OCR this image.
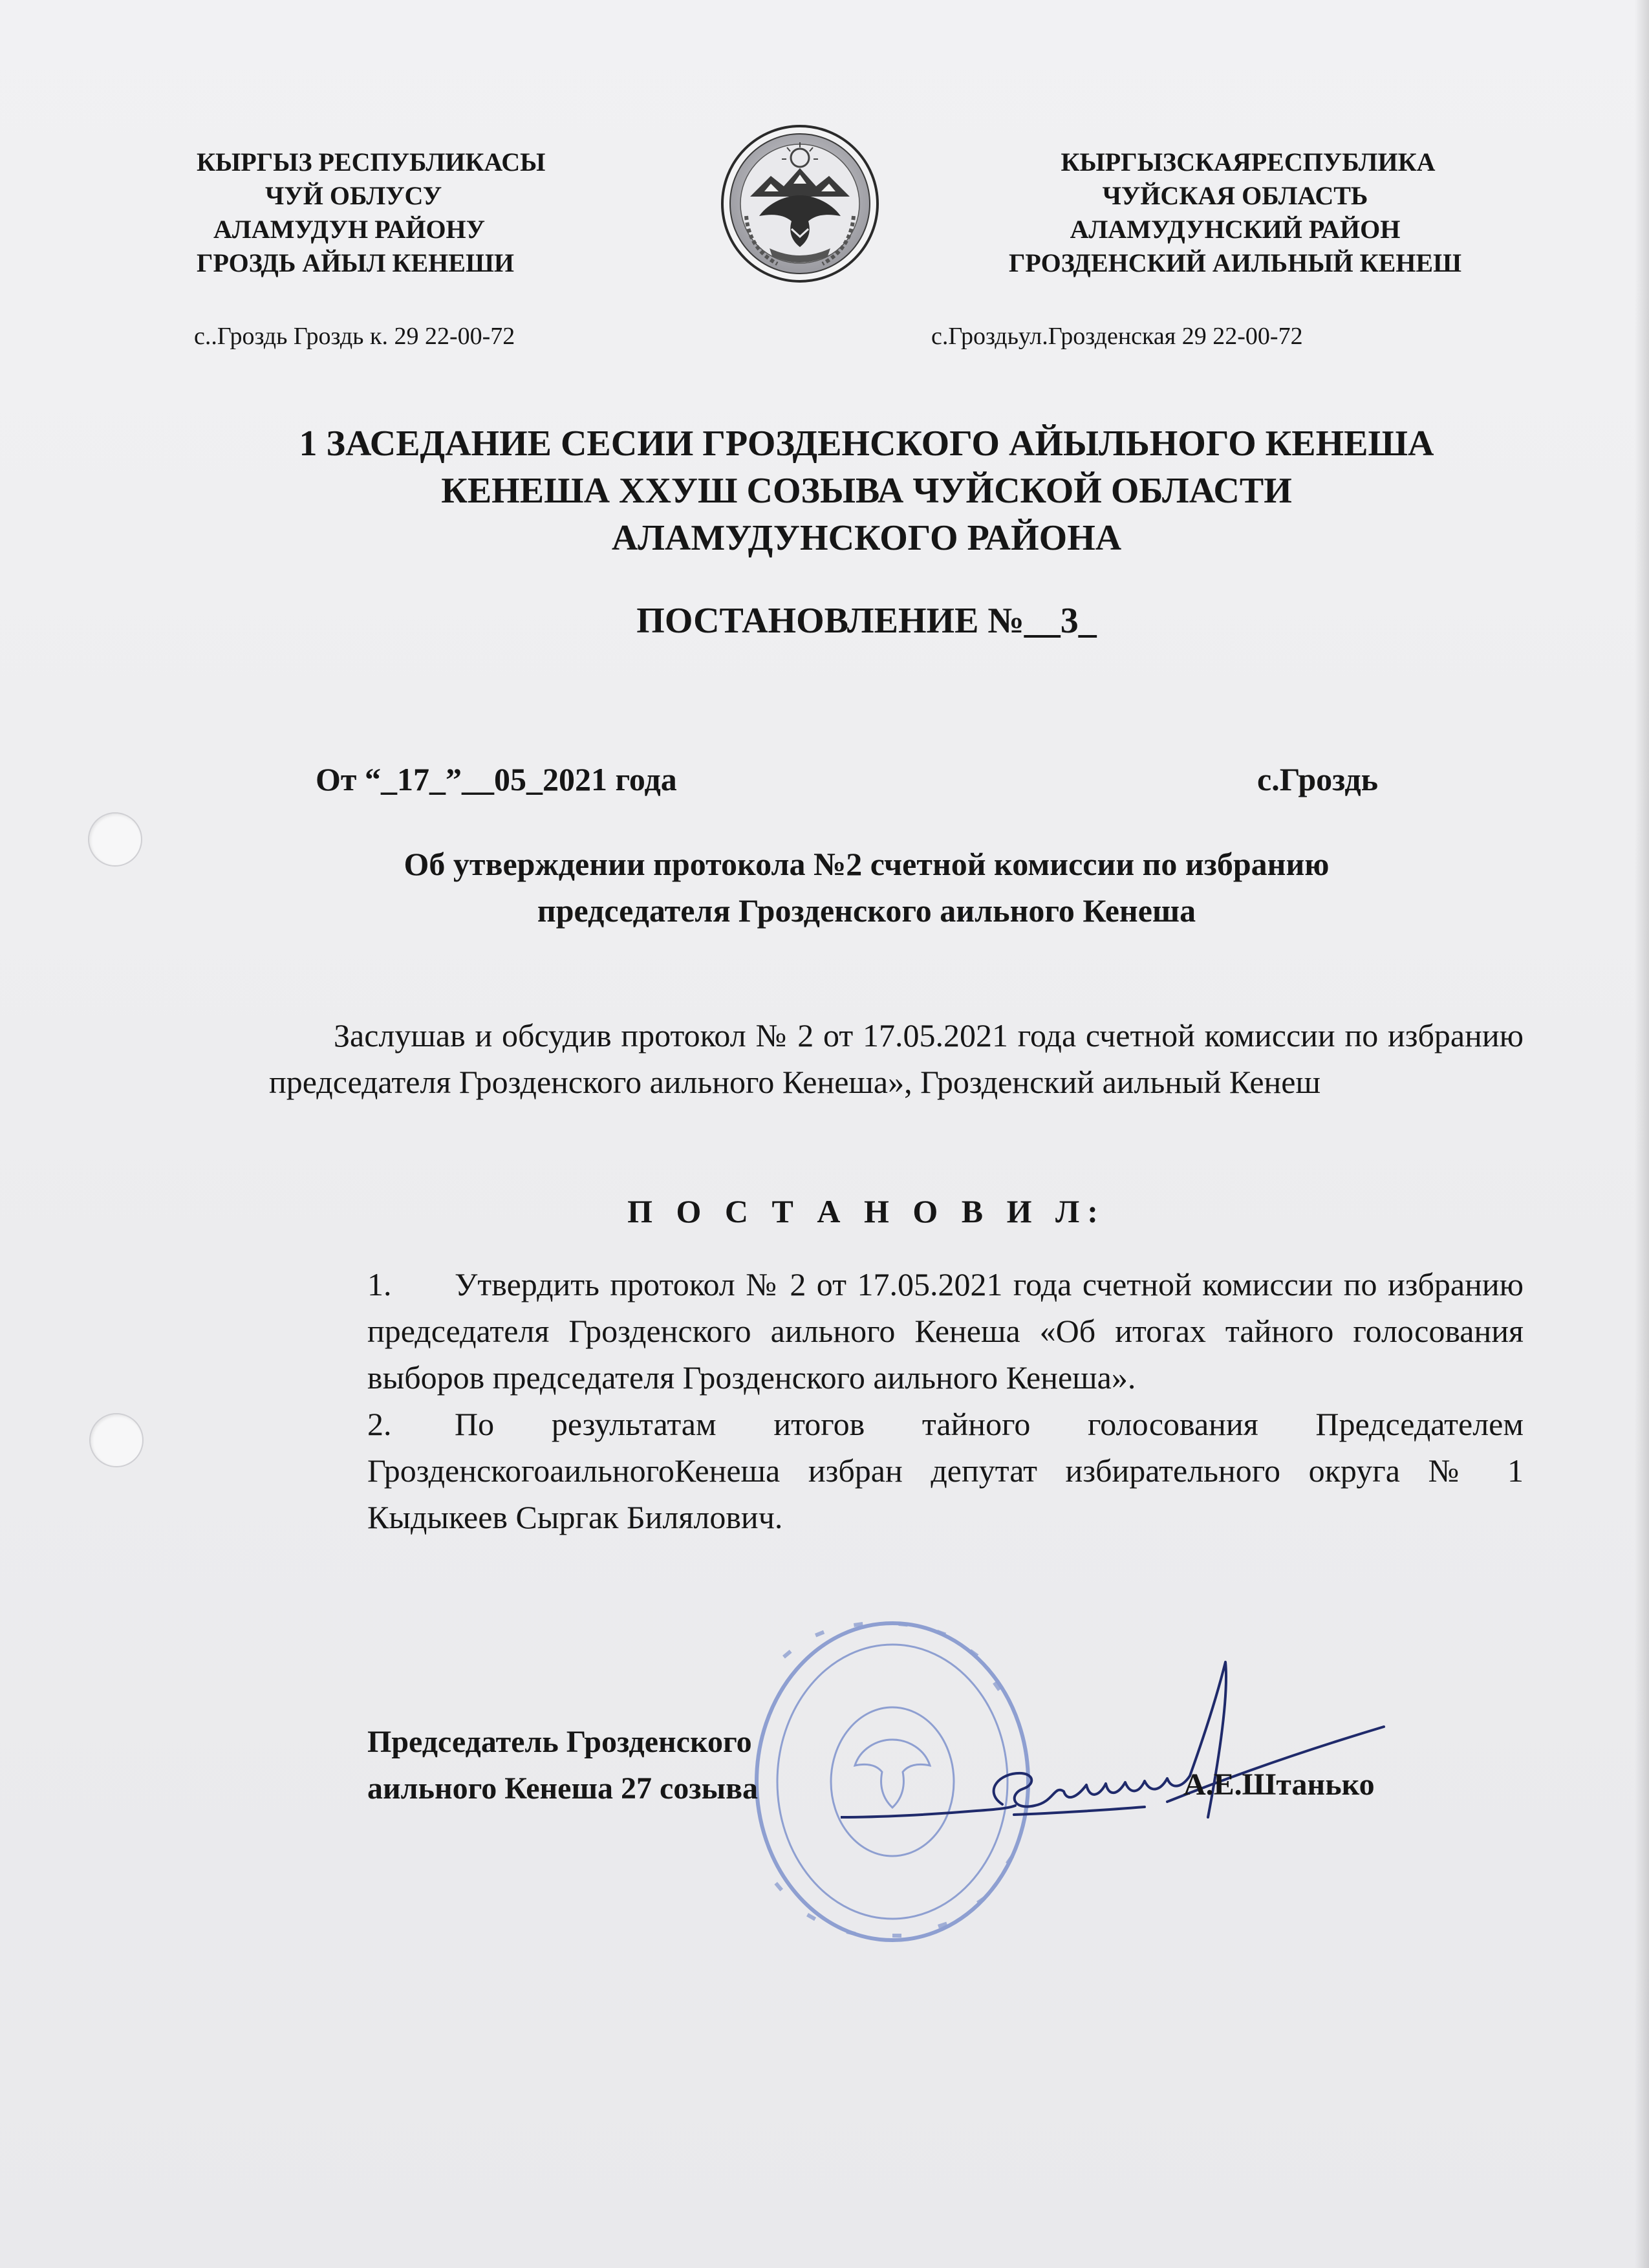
КЫРГЫЗ РЕСПУБЛИКАСЫ
ЧУЙ ОБЛУСУ
АЛАМУДУН РАЙОНУ
ГРОЗДЬ АЙЫЛ КЕНЕШИ
КЫРГЫЗСКАЯРЕСПУБЛИКА
ЧУЙСКАЯ ОБЛАСТЬ
АЛАМУДУНСКИЙ РАЙОН
ГРОЗДЕНСКИЙ АИЛЬНЫЙ КЕНЕШ
с..Гроздь Гроздь к. 29 22-00-72	с.Гроздьул.Грозденская 29 22-00-72
1 ЗАСЕДАНИЕ СЕСИИ ГРОЗДЕНСКОГО АЙЫЛЬНОГО КЕНЕША
КЕНЕША ХХУШ СОЗЫВА ЧУЙСКОЙ ОБЛАСТИ
АЛАМУДУНСКОГО РАЙОНА
ПОСТАНОВЛЕНИЕ №__3_
От “_17_”__05_2021 года	с.Гроздь
Об утверждении протокола №2 счетной комиссии по избранию
председателя Грозденского аильного Кенеша
Заслушав и обсудив протокол № 2 от 17.05.2021 года счетной комиссии по избранию председателя Грозденского аильного Кенеша», Грозденский аильный Кенеш
П О С Т А Н О В И Л:

1. Утвердить протокол № 2 от 17.05.2021 года счетной комиссии по избранию председателя Грозденского аильного Кенеша «Об итогах тайного голосования выборов председателя Грозденского аильного Кенеша».

2. По результатам итогов тайного голосования Председателем ГрозденскогоаильногоКенеша избран депутат избирательного округа № 1 Кыдыкеев Сыргак Билялович.

Председатель Грозденского
аильного Кенеша 27 созыва	А.Е.Штанько
